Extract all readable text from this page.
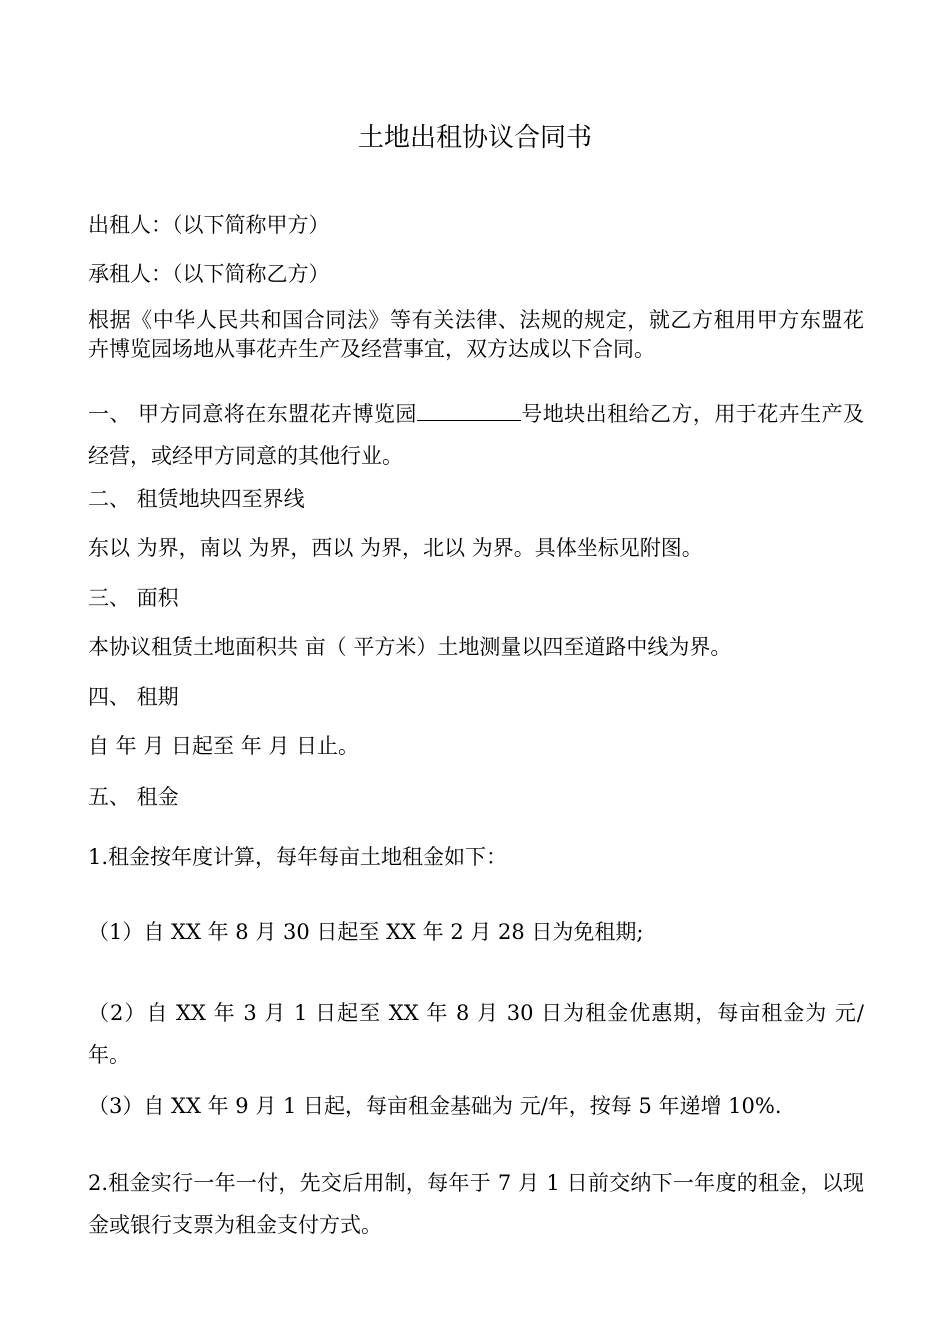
土地出租协议合同书

出租人：（以下简称甲方）

承租人：（以下简称乙方）

根据《中华人民共和国合同法》等有关法律、法规的规定，就乙方租用甲方东盟花卉博览园场地从事花卉生产及经营事宜，双方达成以下合同。

一、 甲方同意将在东盟花卉博览园	号地块出租给乙方，用于花卉生产及经营，或经甲方同意的其他行业。

二、 租赁地块四至界线

东以 为界，南以 为界，西以 为界，北以 为界。具体坐标见附图。

三、 面积

本协议租赁土地面积共 亩（ 平方米）土地测量以四至道路中线为界。

四、 租期

自 年 月 日起至 年 月 日止。

五、 租金

1.租金按年度计算，每年每亩土地租金如下：

（1）自 XX 年 8 月 30 日起至 XX 年 2 月 28 日为免租期;

（2）自 XX 年 3 月 1 日起至 XX 年 8 月 30 日为租金优惠期，每亩租金为 元/年。

（3）自 XX 年 9 月 1 日起，每亩租金基础为 元/年，按每 5 年递增 10%.

2.租金实行一年一付，先交后用制，每年于 7 月 1 日前交纳下一年度的租金，以现金或银行支票为租金支付方式。
